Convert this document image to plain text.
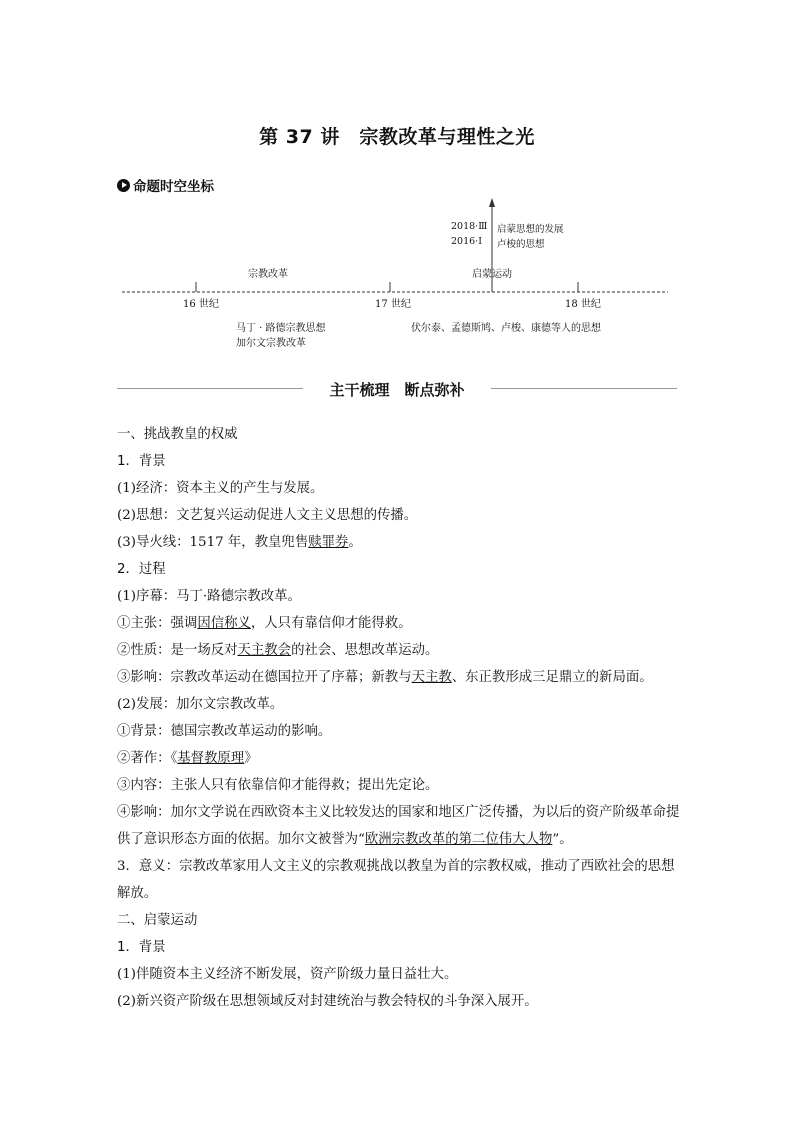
第 37 讲　宗教改革与理性之光
命题时空坐标
宗教改革	启蒙运动
2018·Ⅲ
2016·Ⅰ
启蒙思想的发展
卢梭的思想
16 世纪	17 世纪	18 世纪
马丁 · 路德宗教思想
加尔文宗教改革
伏尔泰、孟德斯鸠、卢梭、康德等人的思想
主干梳理　断点弥补
一、挑战教皇的权威
1．背景
(1)经济：资本主义的产生与发展。
(2)思想：文艺复兴运动促进人文主义思想的传播。
(3)导火线：1517 年，教皇兜售赎罪券。
2．过程
(1)序幕：马丁·路德宗教改革。
①主张：强调因信称义，人只有靠信仰才能得救。
②性质：是一场反对天主教会的社会、思想改革运动。
③影响：宗教改革运动在德国拉开了序幕；新教与天主教、东正教形成三足鼎立的新局面。
(2)发展：加尔文宗教改革。
①背景：德国宗教改革运动的影响。
②著作：《基督教原理》
③内容：主张人只有依靠信仰才能得救；提出先定论。
④影响：加尔文学说在西欧资本主义比较发达的国家和地区广泛传播，为以后的资产阶级革命提供了意识形态方面的依据。加尔文被誉为“欧洲宗教改革的第二位伟大人物”。
3．意义：宗教改革家用人文主义的宗教观挑战以教皇为首的宗教权威，推动了西欧社会的思想解放。
二、启蒙运动
1．背景
(1)伴随资本主义经济不断发展，资产阶级力量日益壮大。
(2)新兴资产阶级在思想领域反对封建统治与教会特权的斗争深入展开。
